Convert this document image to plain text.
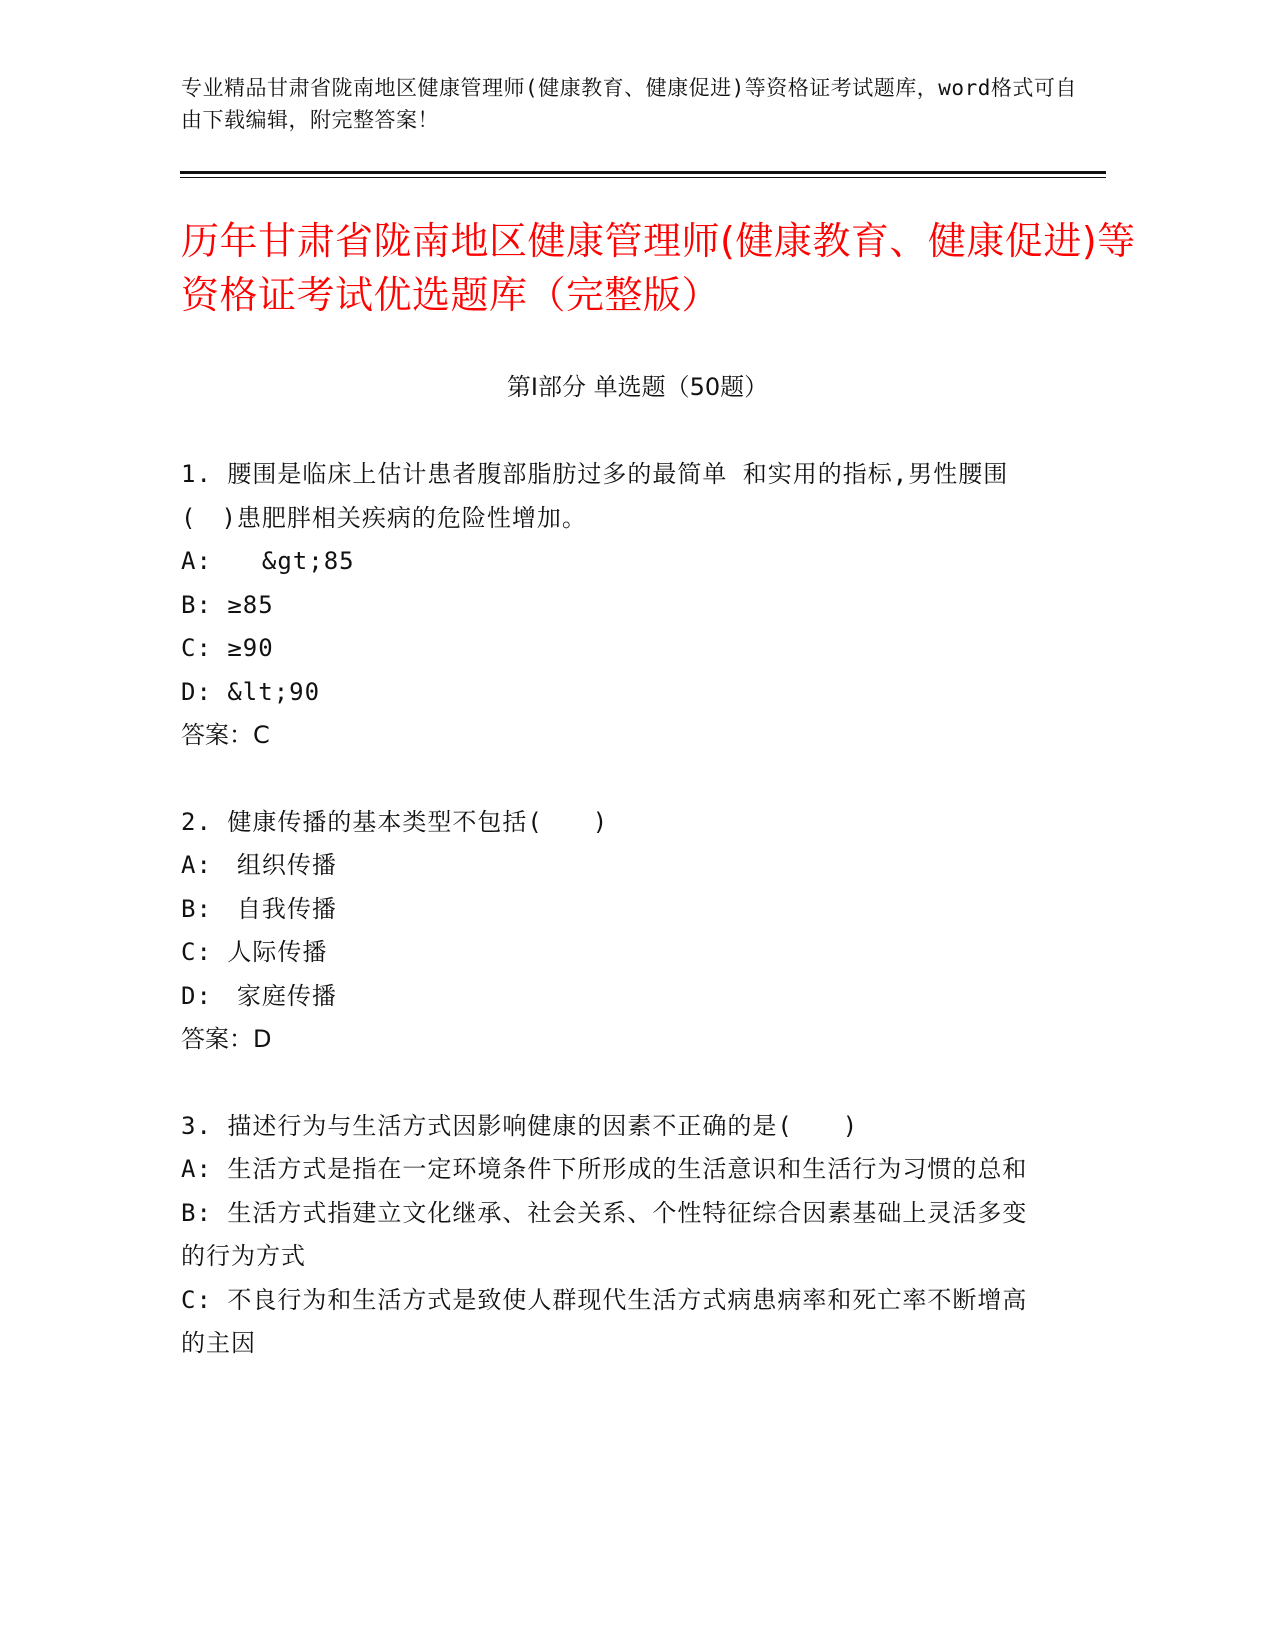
专业精品甘肃省陇南地区健康管理师(健康教育、健康促进)等资格证考试题库，word格式可自由下载编辑，附完整答案！
历年甘肃省陇南地区健康管理师(健康教育、健康促进)等资格证考试优选题库（完整版）
第Ⅰ部分 单选题（50题）
1. 腰围是临床上估计患者腹部脂肪过多的最简单 和实用的指标,男性腰围(　)患肥胖相关疾病的危险性增加。
A:　　&gt;85
B: ≥85
C: ≥90
D: &lt;90
答案：C
2. 健康传播的基本类型不包括(　　)
A:　组织传播
B:　自我传播
C: 人际传播
D:　家庭传播
答案：D
3. 描述行为与生活方式因影响健康的因素不正确的是(　　)
A: 生活方式是指在一定环境条件下所形成的生活意识和生活行为习惯的总和
B: 生活方式指建立文化继承、社会关系、个性特征综合因素基础上灵活多变的行为方式
C: 不良行为和生活方式是致使人群现代生活方式病患病率和死亡率不断增高的主因
